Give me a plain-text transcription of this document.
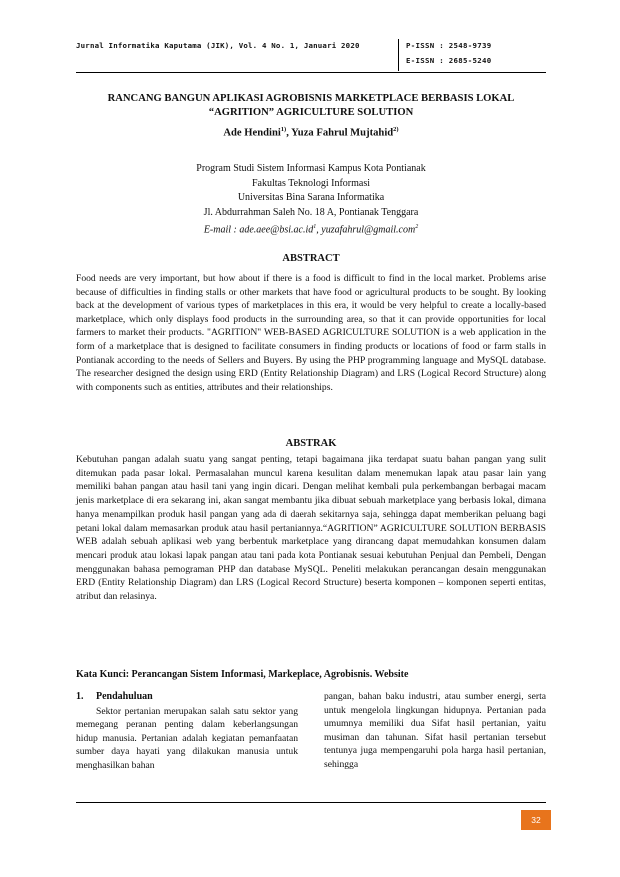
Jurnal Informatika Kaputama (JIK), Vol. 4 No. 1, Januari 2020	P-ISSN : 2548-9739
E-ISSN : 2685-5240
RANCANG BANGUN APLIKASI AGROBISNIS MARKETPLACE BERBASIS LOKAL
“AGRITION” AGRICULTURE SOLUTION
Ade Hendini$^{1)}$, Yuza Fahrul Mujtahid$^{2)}$
Program Studi Sistem Informasi Kampus Kota Pontianak
Fakultas Teknologi Informasi
Universitas Bina Sarana Informatika
Jl. Abdurrahman Saleh No. 18 A, Pontianak Tenggara
E-mail : $ade.aee@bsi.ac.id^1$, yuzafahrul@gmail.com$^2$
ABSTRACT
Food needs are very important, but how about if there is a food is difficult to find in the local market. Problems arise because of difficulties in finding stalls or other markets that have food or agricultural products to be sought. By looking back at the development of various types of marketplaces in this era, it would be very helpful to create a locally-based marketplace, which only displays food products in the surrounding area, so that it can provide opportunities for local farmers to market their products. "AGRITION" WEB-BASED AGRICULTURE SOLUTION is a web application in the form of a marketplace that is designed to facilitate consumers in finding products or locations of food or farm stalls in Pontianak according to the needs of Sellers and Buyers. By using the PHP programming language and MySQL database. The researcher designed the design using ERD (Entity Relationship Diagram) and LRS (Logical Record Structure) along with components such as entities, attributes and their relationships.
ABSTRAK
Kebutuhan pangan adalah suatu yang sangat penting, tetapi bagaimana jika terdapat suatu bahan pangan yang sulit ditemukan pada pasar lokal. Permasalahan muncul karena kesulitan dalam menemukan lapak atau pasar lain yang memiliki bahan pangan atau hasil tani yang ingin dicari. Dengan melihat kembali pula perkembangan berbagai macam jenis marketplace di era sekarang ini, akan sangat membantu jika dibuat sebuah marketplace yang berbasis lokal, dimana hanya menampilkan produk hasil pangan yang ada di daerah sekitarnya saja, sehingga dapat memberikan peluang bagi petani lokal dalam memasarkan produk atau hasil pertaniannya.“AGRITION” AGRICULTURE SOLUTION BERBASIS WEB adalah sebuah aplikasi web yang berbentuk marketplace yang dirancang dapat memudahkan konsumen dalam mencari produk atau lokasi lapak pangan atau tani pada kota Pontianak sesuai kebutuhan Penjual dan Pembeli, Dengan menggunakan bahasa pemograman PHP dan database MySQL. Peneliti melakukan perancangan desain menggunakan ERD (Entity Relationship Diagram) dan LRS (Logical Record Structure) beserta komponen – komponen seperti entitas, atribut dan relasinya.
Kata Kunci: Perancangan Sistem Informasi, Markeplace, Agrobisnis. Website
1. Pendahuluan
Sektor pertanian merupakan salah satu sektor yang memegang peranan penting dalam keberlangsungan hidup manusia. Pertanian adalah kegiatan pemanfaatan sumber daya hayati yang dilakukan manusia untuk menghasilkan bahan
pangan, bahan baku industri, atau sumber energi, serta untuk mengelola lingkungan hidupnya. Pertanian pada umumnya memiliki dua Sifat hasil pertanian, yaitu musiman dan tahunan. Sifat hasil pertanian tersebut tentunya juga mempengaruhi pola harga hasil pertanian, sehingga
32
